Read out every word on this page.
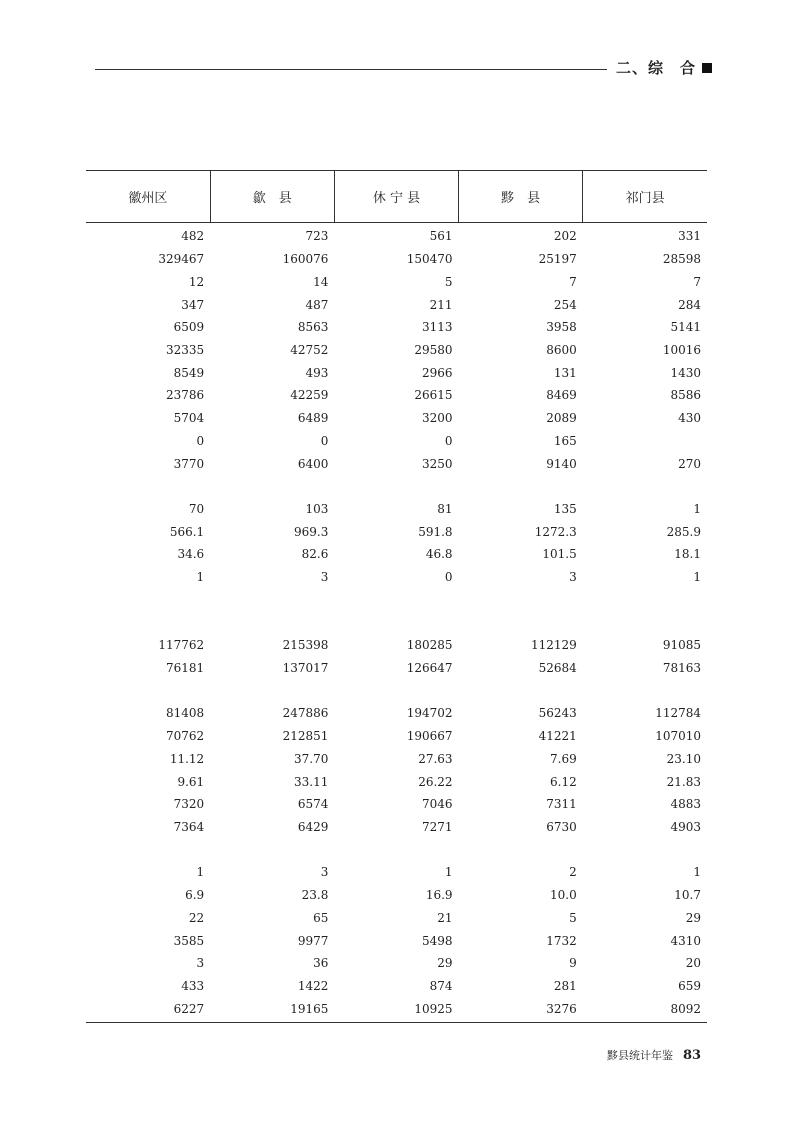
二、综　合
徽州区	歙　县	休 宁 县	黟　县	祁门县
482	723	561	202	331
329467	160076	150470	25197	28598
12	14	5	7	7
347	487	211	254	284
6509	8563	3113	3958	5141
32335	42752	29580	8600	10016
8549	493	2966	131	1430
23786	42259	26615	8469	8586
5704	6489	3200	2089	430
0	0	0	165	
3770	6400	3250	9140	270

70	103	81	135	1
566.1	969.3	591.8	1272.3	285.9
34.6	82.6	46.8	101.5	18.1
1	3	0	3	1

117762	215398	180285	112129	91085
76181	137017	126647	52684	78163

81408	247886	194702	56243	112784
70762	212851	190667	41221	107010
11.12	37.70	27.63	7.69	23.10
9.61	33.11	26.22	6.12	21.83
7320	6574	7046	7311	4883
7364	6429	7271	6730	4903

1	3	1	2	1
6.9	23.8	16.9	10.0	10.7
22	65	21	5	29
3585	9977	5498	1732	4310
3	36	29	9	20
433	1422	874	281	659
6227	19165	10925	3276	8092
黟县统计年鉴 83
